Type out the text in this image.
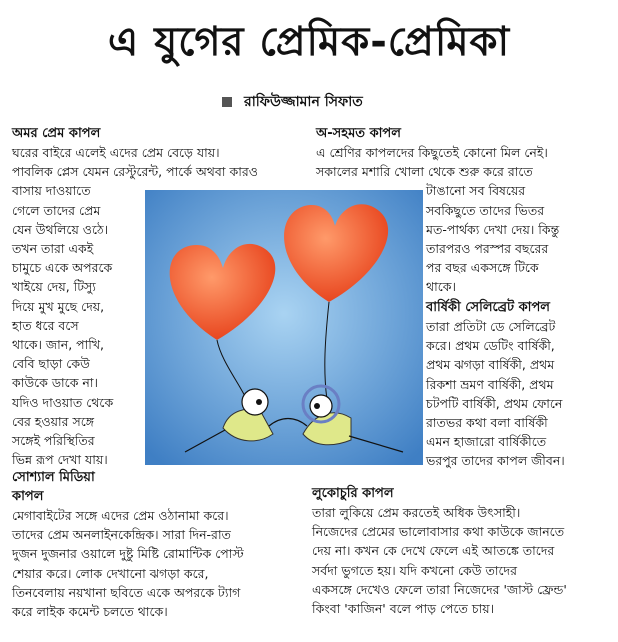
এ যুগের প্রেমিক-প্রেমিকা
রাফিউজ্জামান সিফাত
অমর প্রেম কাপল
ঘরের বাইরে এলেই এদের প্রেম বেড়ে যায়।
পাবলিক প্লেস যেমন রেস্টুরেন্ট, পার্কে অথবা কারও
বাসায় দাওয়াতে
গেলে তাদের প্রেম
যেন উথলিয়ে ওঠে।
তখন তারা একই
চামুচে একে অপরকে
খাইয়ে দেয়, টিস্যু
দিয়ে মুখ মুছে দেয়,
হাত ধরে বসে
থাকে। জান, পাখি,
বেবি ছাড়া কেউ
কাউকে ডাকে না।
যদিও দাওয়াত থেকে
বের হওয়ার সঙ্গে
সঙ্গেই পরিস্থিতির
ভিন্ন রূপ দেখা যায়।
অ-সহমত কাপল
এ শ্রেণির কাপলদের কিছুতেই কোনো মিল নেই।
সকালের মশারি খোলা থেকে শুরু করে রাতে
টাঙানো সব বিষয়ের
সবকিছুতে তাদের ভিতর
মত-পার্থক্য দেখা দেয়। কিন্তু
তারপরও পরস্পর বছরের
পর বছর একসঙ্গে টিকে
থাকে।
বার্ষিকী সেলিব্রেট কাপল
তারা প্রতিটা ডে সেলিব্রেট
করে। প্রথম ডেটিং বার্ষিকী,
প্রথম ঝগড়া বার্ষিকী, প্রথম
রিকশা ভ্রমণ বার্ষিকী, প্রথম
চটপটি বার্ষিকী, প্রথম ফোনে
রাতভর কথা বলা বার্ষিকী
এমন হাজারো বার্ষিকীতে
ভরপুর তাদের কাপল জীবন।
সোশ্যাল মিডিয়া
কাপল
মেগাবাইটের সঙ্গে এদের প্রেম ওঠানামা করে।
তাদের প্রেম অনলাইনকেন্দ্রিক। সারা দিন-রাত
দুজন দুজনার ওয়ালে দুষ্টু মিষ্টি রোমান্টিক পোস্ট
শেয়ার করে। লোক দেখানো ঝগড়া করে,
তিনবেলায় নয়খানা ছবিতে একে অপরকে ট্যাগ
করে লাইক কমেন্ট চলতে থাকে।
লুকোচুরি কাপল
তারা লুকিয়ে প্রেম করতেই অধিক উৎসাহী।
নিজেদের প্রেমের ভালোবাসার কথা কাউকে জানতে
দেয় না। কখন কে দেখে ফেলে এই আতঙ্কে তাদের
সর্বদা ভুগতে হয়। যদি কখনো কেউ তাদের
একসঙ্গে দেখেও ফেলে তারা নিজেদের 'জাস্ট ফ্রেন্ড'
কিংবা 'কাজিন' বলে পাড় পেতে চায়।
